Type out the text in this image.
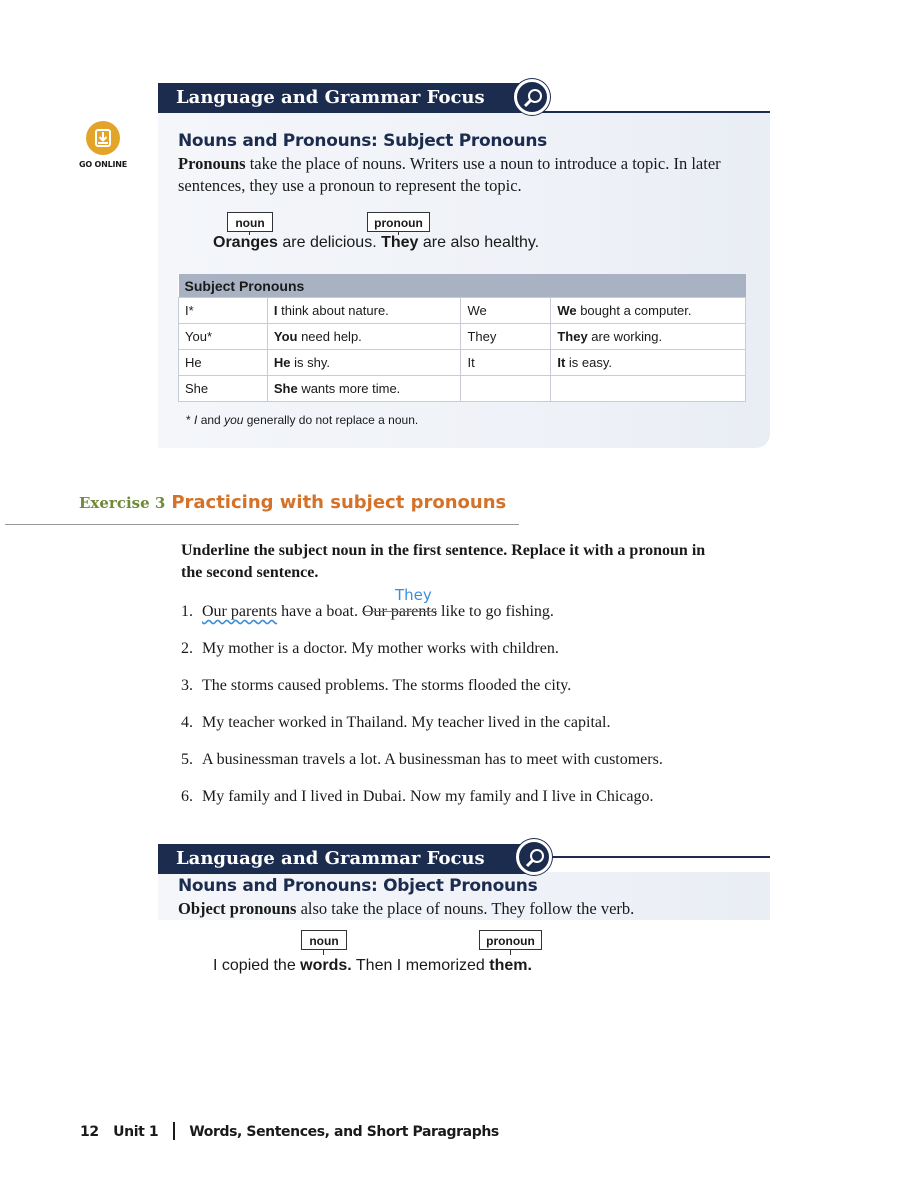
GO ONLINE
Language and Grammar Focus
Nouns and Pronouns: Subject Pronouns
Pronouns take the place of nouns. Writers use a noun to introduce a topic. In later sentences, they use a pronoun to represent the topic.
noun	pronoun
Oranges are delicious. They are also healthy.
Subject Pronouns			
I*	I think about nature.	We	We bought a computer.
You*	You need help.	They	They are working.
He	He is shy.	It	It is easy.
She	She wants more time.		
* I and you generally do not replace a noun.
Exercise 3 Practicing with subject pronouns
Underline the subject noun in the first sentence. Replace it with a pronoun in the second sentence.
They
1. Our parents have a boat. Our parents like to go fishing.
2. My mother is a doctor. My mother works with children.
3. The storms caused problems. The storms flooded the city.
4. My teacher worked in Thailand. My teacher lived in the capital.
5. A businessman travels a lot. A businessman has to meet with customers.
6. My family and I lived in Dubai. Now my family and I live in Chicago.
Language and Grammar Focus
Nouns and Pronouns: Object Pronouns
Object pronouns also take the place of nouns. They follow the verb.
noun	pronoun
I copied the words. Then I memorized them.
12 Unit 1 Words, Sentences, and Short Paragraphs
